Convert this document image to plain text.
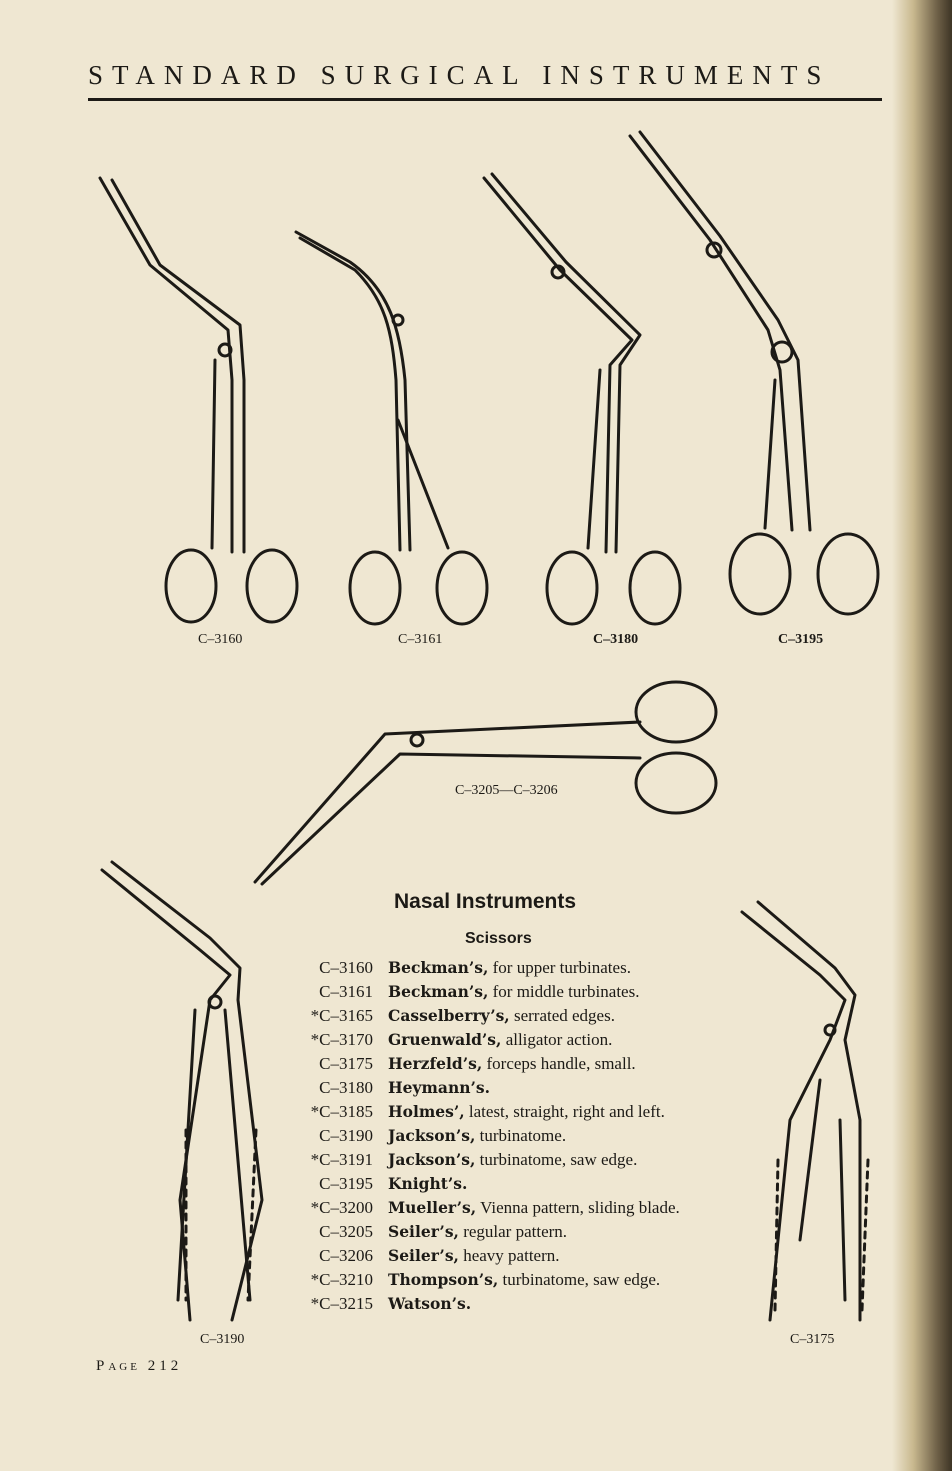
STANDARD SURGICAL INSTRUMENTS
C–3160	C–3161	C–3180	C–3195
C–3205—C–3206
C–3190	C–3175
Nasal Instruments
Scissors
C–3160 Beckman’s, for upper turbinates.
C–3161 Beckman’s, for middle turbinates.
*C–3165 Casselberry’s, serrated edges.
*C–3170 Gruenwald’s, alligator action.
C–3175 Herzfeld’s, forceps handle, small.
C–3180 Heymann’s.
*C–3185 Holmes’, latest, straight, right and left.
C–3190 Jackson’s, turbinatome.
*C–3191 Jackson’s, turbinatome, saw edge.
C–3195 Knight’s.
*C–3200 Mueller’s, Vienna pattern, sliding blade.
C–3205 Seiler’s, regular pattern.
C–3206 Seiler’s, heavy pattern.
*C–3210 Thompson’s, turbinatome, saw edge.
*C–3215 Watson’s.
PAGE 212
